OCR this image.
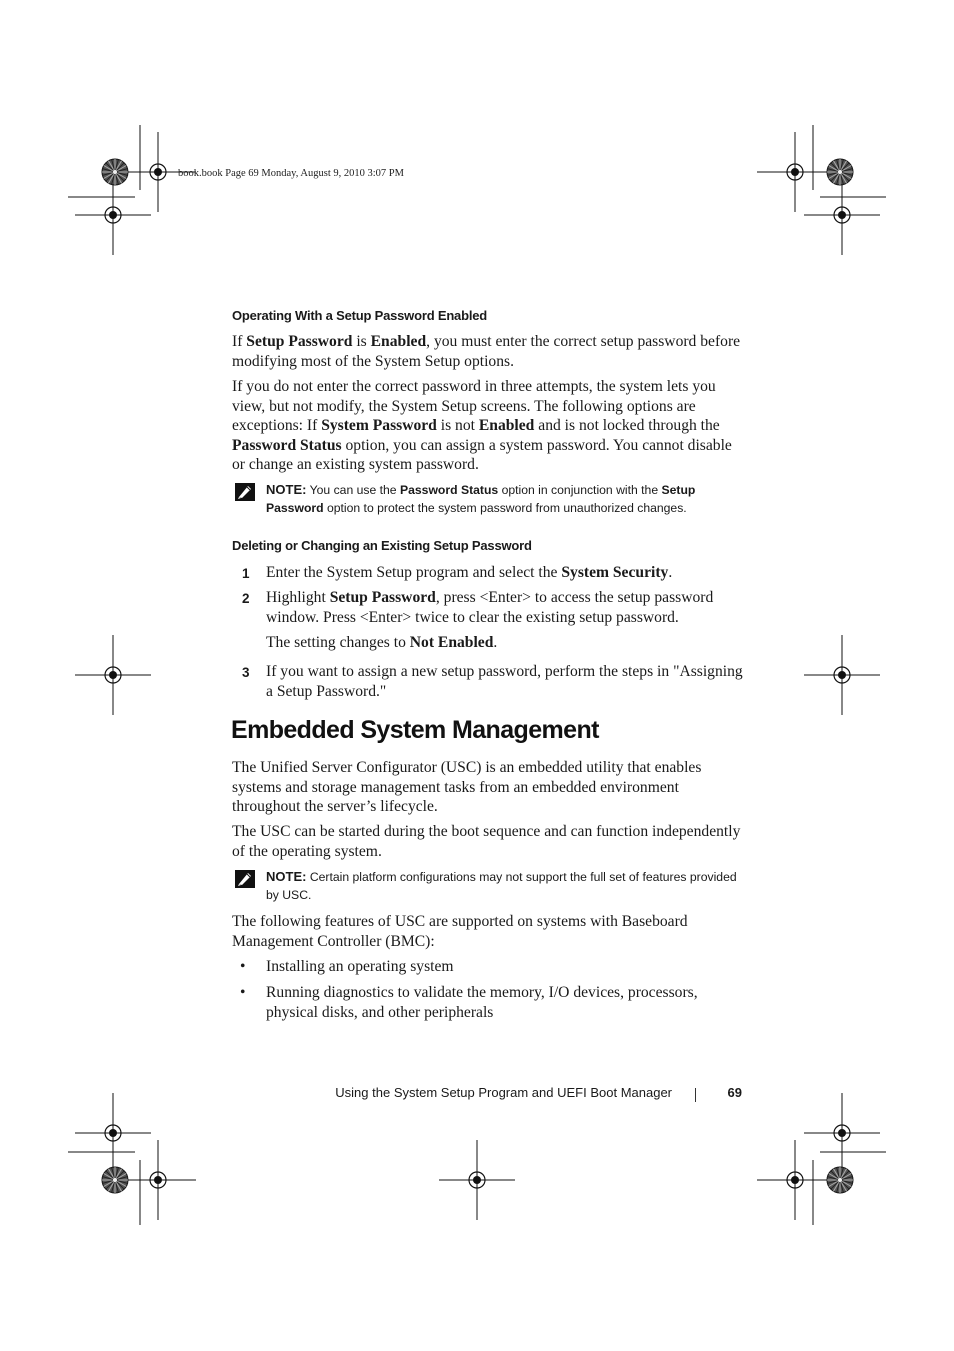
book.book Page 69 Monday, August 9, 2010 3:07 PM

Operating With a Setup Password Enabled

If Setup Password is Enabled, you must enter the correct setup password before modifying most of the System Setup options.

If you do not enter the correct password in three attempts, the system lets you view, but not modify, the System Setup screens. The following options are exceptions: If System Password is not Enabled and is not locked through the Password Status option, you can assign a system password. You cannot disable or change an existing system password.

NOTE: You can use the Password Status option in conjunction with the Setup Password option to protect the system password from unauthorized changes.

Deleting or Changing an Existing Setup Password

1 Enter the System Setup program and select the System Security.
2 Highlight Setup Password, press <Enter> to access the setup password window. Press <Enter> twice to clear the existing setup password.
The setting changes to Not Enabled.
3 If you want to assign a new setup password, perform the steps in "Assigning a Setup Password."
Embedded System Management

The Unified Server Configurator (USC) is an embedded utility that enables systems and storage management tasks from an embedded environment throughout the server’s lifecycle.

The USC can be started during the boot sequence and can function independently of the operating system.

NOTE: Certain platform configurations may not support the full set of features provided by USC.

The following features of USC are supported on systems with Baseboard Management Controller (BMC):

• Installing an operating system
• Running diagnostics to validate the memory, I/O devices, processors, physical disks, and other peripherals
Using the System Setup Program and UEFI Boot Manager	69
